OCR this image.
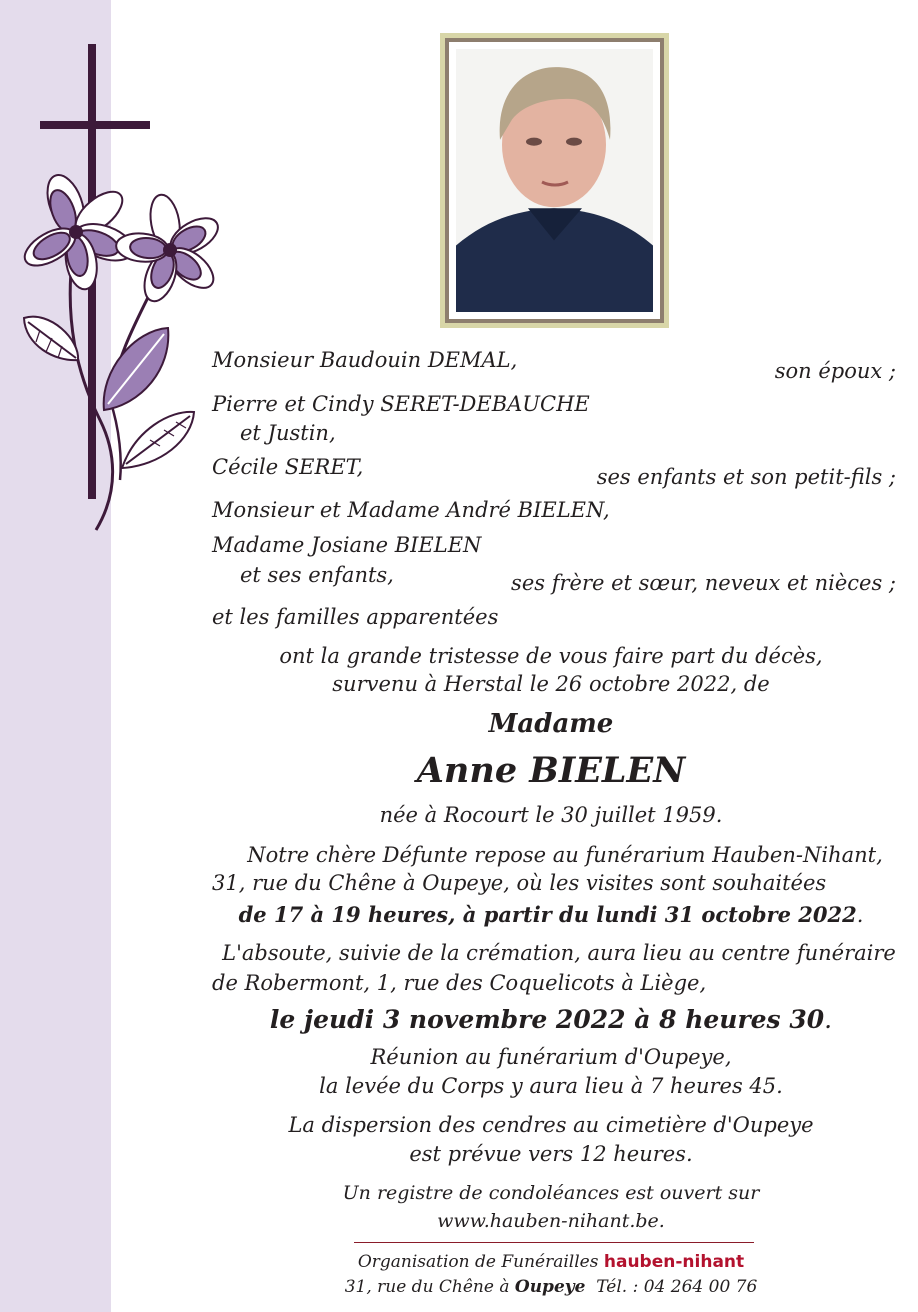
Monsieur Baudouin DEMAL,	son époux ;
Pierre et Cindy SERET-DEBAUCHE
et Justin,
Cécile SERET,	ses enfants et son petit-fils ;
Monsieur et Madame André BIELEN,
Madame Josiane BIELEN
et ses enfants,	ses frère et sœur, neveux et nièces ;
et les familles apparentées
ont la grande tristesse de vous faire part du décès,
survenu à Herstal le 26 octobre 2022, de
Madame
Anne BIELEN
née à Rocourt le 30 juillet 1959.
Notre chère Défunte repose au funérarium Hauben-Nihant,
31, rue du Chêne à Oupeye, où les visites sont souhaitées
de 17 à 19 heures, à partir du lundi 31 octobre 2022.
L'absoute, suivie de la crémation, aura lieu au centre funéraire
de Robermont, 1, rue des Coquelicots à Liège,
le jeudi 3 novembre 2022 à 8 heures 30.
Réunion au funérarium d'Oupeye,
la levée du Corps y aura lieu à 7 heures 45.
La dispersion des cendres au cimetière d'Oupeye
est prévue vers 12 heures.
Un registre de condoléances est ouvert sur
www.hauben-nihant.be.
Organisation de Funérailles hauben-nihant
31, rue du Chêne à Oupeye Tél. : 04 264 00 76
